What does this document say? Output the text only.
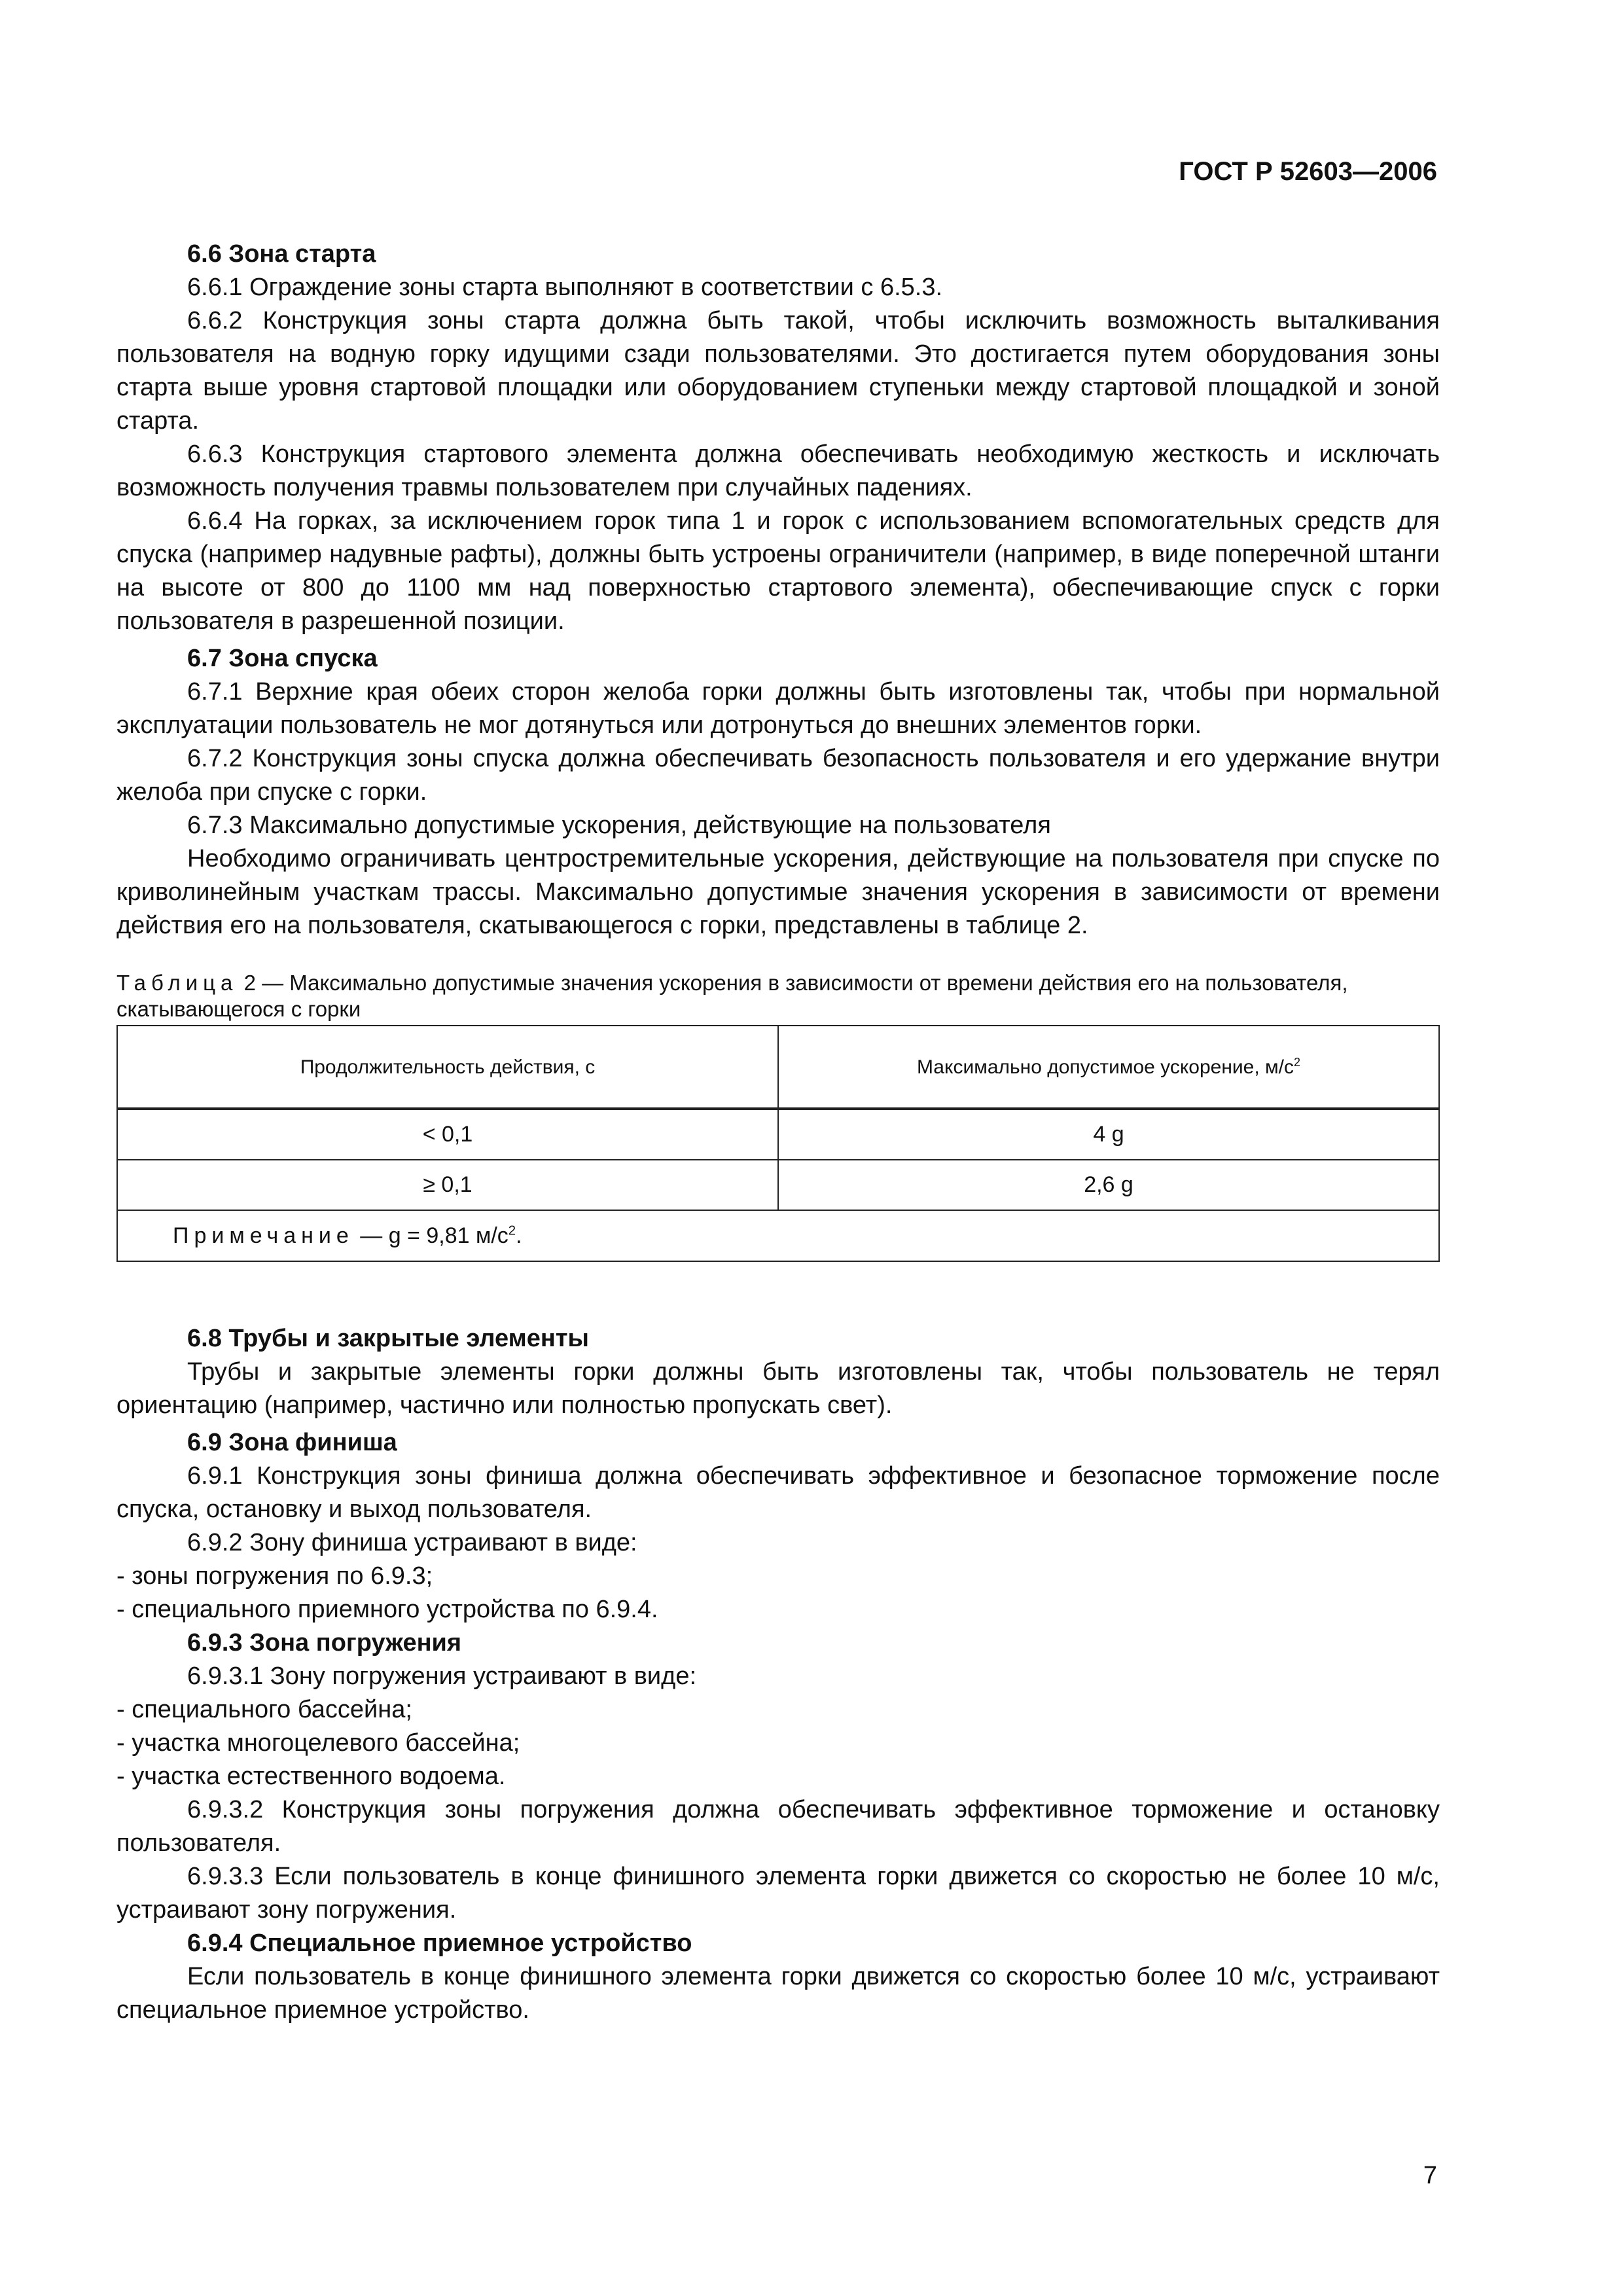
ГОСТ Р 52603—2006

6.6 Зона старта

6.6.1 Ограждение зоны старта выполняют в соответствии с 6.5.3.

6.6.2 Конструкция зоны старта должна быть такой, чтобы исключить возможность выталкивания пользователя на водную горку идущими сзади пользователями. Это достигается путем оборудования зоны старта выше уровня стартовой площадки или оборудованием ступеньки между стартовой площадкой и зоной старта.

6.6.3 Конструкция стартового элемента должна обеспечивать необходимую жесткость и исключать возможность получения травмы пользователем при случайных падениях.

6.6.4 На горках, за исключением горок типа 1 и горок с использованием вспомогательных средств для спуска (например надувные рафты), должны быть устроены ограничители (например, в виде поперечной штанги на высоте от 800 до 1100 мм над поверхностью стартового элемента), обеспечивающие спуск с горки пользователя в разрешенной позиции.

6.7 Зона спуска

6.7.1 Верхние края обеих сторон желоба горки должны быть изготовлены так, чтобы при нормальной эксплуатации пользователь не мог дотянуться или дотронуться до внешних элементов горки.

6.7.2 Конструкция зоны спуска должна обеспечивать безопасность пользователя и его удержание внутри желоба при спуске с горки.

6.7.3 Максимально допустимые ускорения, действующие на пользователя

Необходимо ограничивать центростремительные ускорения, действующие на пользователя при спуске по криволинейным участкам трассы. Максимально допустимые значения ускорения в зависимости от времени действия его на пользователя, скатывающегося с горки, представлены в таблице 2.

Таблица 2 — Максимально допустимые значения ускорения в зависимости от времени действия его на пользователя, скатывающегося с горки

Продолжительность действия, с	Максимально допустимое ускорение, $м/с^2$
< 0,1	4 g
≥ 0,1	2,6 g
Примечание — g = 9,81 $м/с^2$.	

6.8 Трубы и закрытые элементы

Трубы и закрытые элементы горки должны быть изготовлены так, чтобы пользователь не терял ориентацию (например, частично или полностью пропускать свет).

6.9 Зона финиша

6.9.1 Конструкция зоны финиша должна обеспечивать эффективное и безопасное торможение после спуска, остановку и выход пользователя.

6.9.2 Зону финиша устраивают в виде:

- зоны погружения по 6.9.3;

- специального приемного устройства по 6.9.4.

6.9.3 Зона погружения

6.9.3.1 Зону погружения устраивают в виде:

- специального бассейна;

- участка многоцелевого бассейна;

- участка естественного водоема.

6.9.3.2 Конструкция зоны погружения должна обеспечивать эффективное торможение и остановку пользователя.

6.9.3.3 Если пользователь в конце финишного элемента горки движется со скоростью не более 10 м/с, устраивают зону погружения.

6.9.4 Специальное приемное устройство

Если пользователь в конце финишного элемента горки движется со скоростью более 10 м/с, устраивают специальное приемное устройство.

7
